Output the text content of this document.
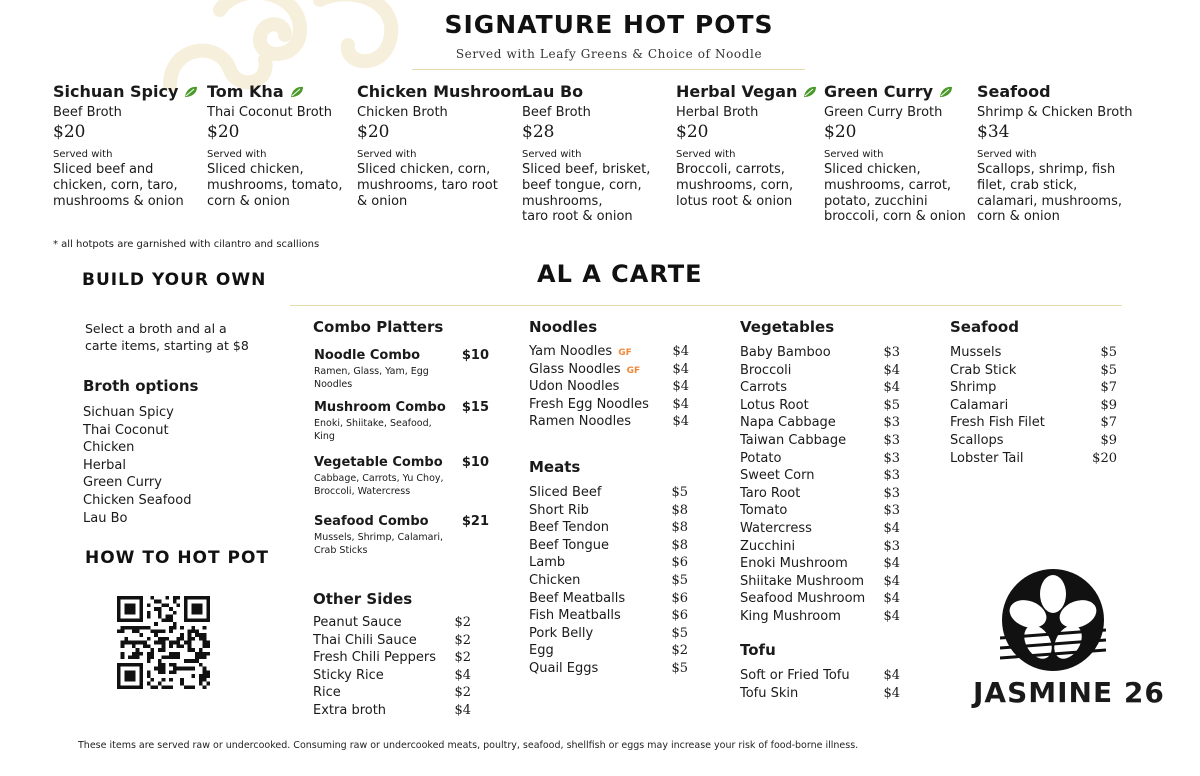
SIGNATURE HOT POTS
Served with Leafy Greens & Choice of Noodle
Sichuan Spicy
Beef Broth
$20
Served with
Sliced beef and
chicken, corn, taro,
mushrooms & onion
Tom Kha
Thai Coconut Broth
$20
Served with
Sliced chicken,
mushrooms, tomato,
corn & onion
Chicken Mushroom
Chicken Broth
$20
Served with
Sliced chicken, corn,
mushrooms, taro root
& onion
Lau Bo
Beef Broth
$28
Served with
Sliced beef, brisket,
beef tongue, corn,
mushrooms,
taro root & onion
Herbal Vegan
Herbal Broth
$20
Served with
Broccoli, carrots,
mushrooms, corn,
lotus root & onion
Green Curry
Green Curry Broth
$20
Served with
Sliced chicken,
mushrooms, carrot,
potato, zucchini
broccoli, corn & onion
Seafood
Shrimp & Chicken Broth
$34
Served with
Scallops, shrimp, fish
filet, crab stick,
calamari, mushrooms,
corn & onion
* all hotpots are garnished with cilantro and scallions
BUILD YOUR OWN
Select a broth and al a
carte items, starting at $8
Broth options
Sichuan Spicy
Thai Coconut
Chicken
Herbal
Green Curry
Chicken Seafood
Lau Bo
HOW TO HOT POT
AL A CARTE
Combo Platters
Noodle Combo	$10
Ramen, Glass, Yam, Egg Noodles
Mushroom Combo $15
Enoki, Shiitake, Seafood, King
Vegetable Combo $10
Cabbage, Carrots, Yu Choy, Broccoli, Watercress
Seafood Combo	$21
Mussels, Shrimp, Calamari, Crab Sticks
Other Sides
Peanut Sauce	$2
Thai Chili Sauce	$2
Fresh Chili Peppers $2
Sticky Rice	$4
Rice	$2
Extra broth	$4
Noodles
Yam Noodles GF	$4
Glass Noodles GF $4
Udon Noodles	$4
Fresh Egg Noodles $4
Ramen Noodles	$4
Meats
Sliced Beef	$5
Short Rib	$8
Beef Tendon	$8
Beef Tongue	$8
Lamb	$6
Chicken	$5
Beef Meatballs	$6
Fish Meatballs	$6
Pork Belly	$5
Egg	$2
Quail Eggs	$5
Vegetables
Baby Bamboo	$3
Broccoli	$4
Carrots	$4
Lotus Root	$5
Napa Cabbage	$3
Taiwan Cabbage	$3
Potato	$3
Sweet Corn	$3
Taro Root	$3
Tomato	$3
Watercress	$4
Zucchini	$3
Enoki Mushroom	$4
Shiitake Mushroom $4
Seafood Mushroom $4
King Mushroom	$4
Tofu
Soft or Fried Tofu	$4
Tofu Skin	$4
Seafood
Mussels	$5
Crab Stick	$5
Shrimp	$7
Calamari	$9
Fresh Fish Filet	$7
Scallops	$9
Lobster Tail	$20
JASMINE 26
These items are served raw or undercooked. Consuming raw or undercooked meats, poultry, seafood, shellfish or eggs may increase your risk of food-borne illness.
